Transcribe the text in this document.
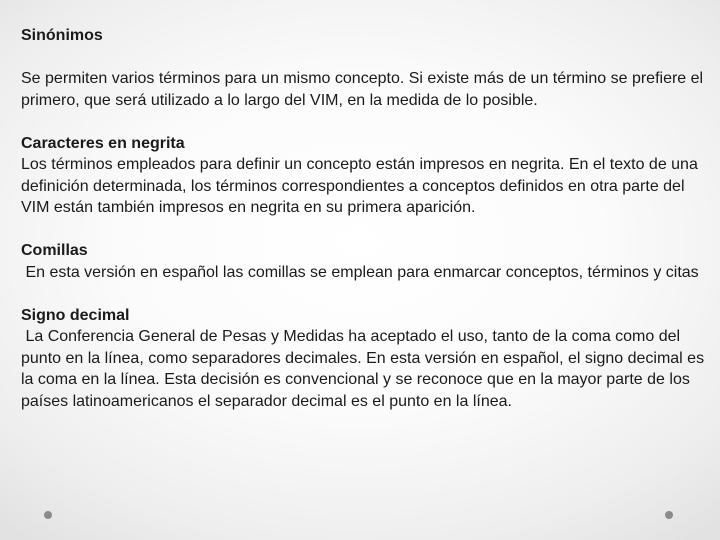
Sinónimos
Se permiten varios términos para un mismo concepto. Si existe más de un término se prefiere el primero, que será utilizado a lo largo del VIM, en la medida de lo posible.
Caracteres en negrita
Los términos empleados para definir un concepto están impresos en negrita. En el texto de una definición determinada, los términos correspondientes a conceptos definidos en otra parte del VIM están también impresos en negrita en su primera aparición.
Comillas
En esta versión en español las comillas se emplean para enmarcar conceptos, términos y citas
Signo decimal
La Conferencia General de Pesas y Medidas ha aceptado el uso, tanto de la coma como del punto en la línea, como separadores decimales. En esta versión en español, el signo decimal es la coma en la línea. Esta decisión es convencional y se reconoce que en la mayor parte de los países latinoamericanos el separador decimal es el punto en la línea.
